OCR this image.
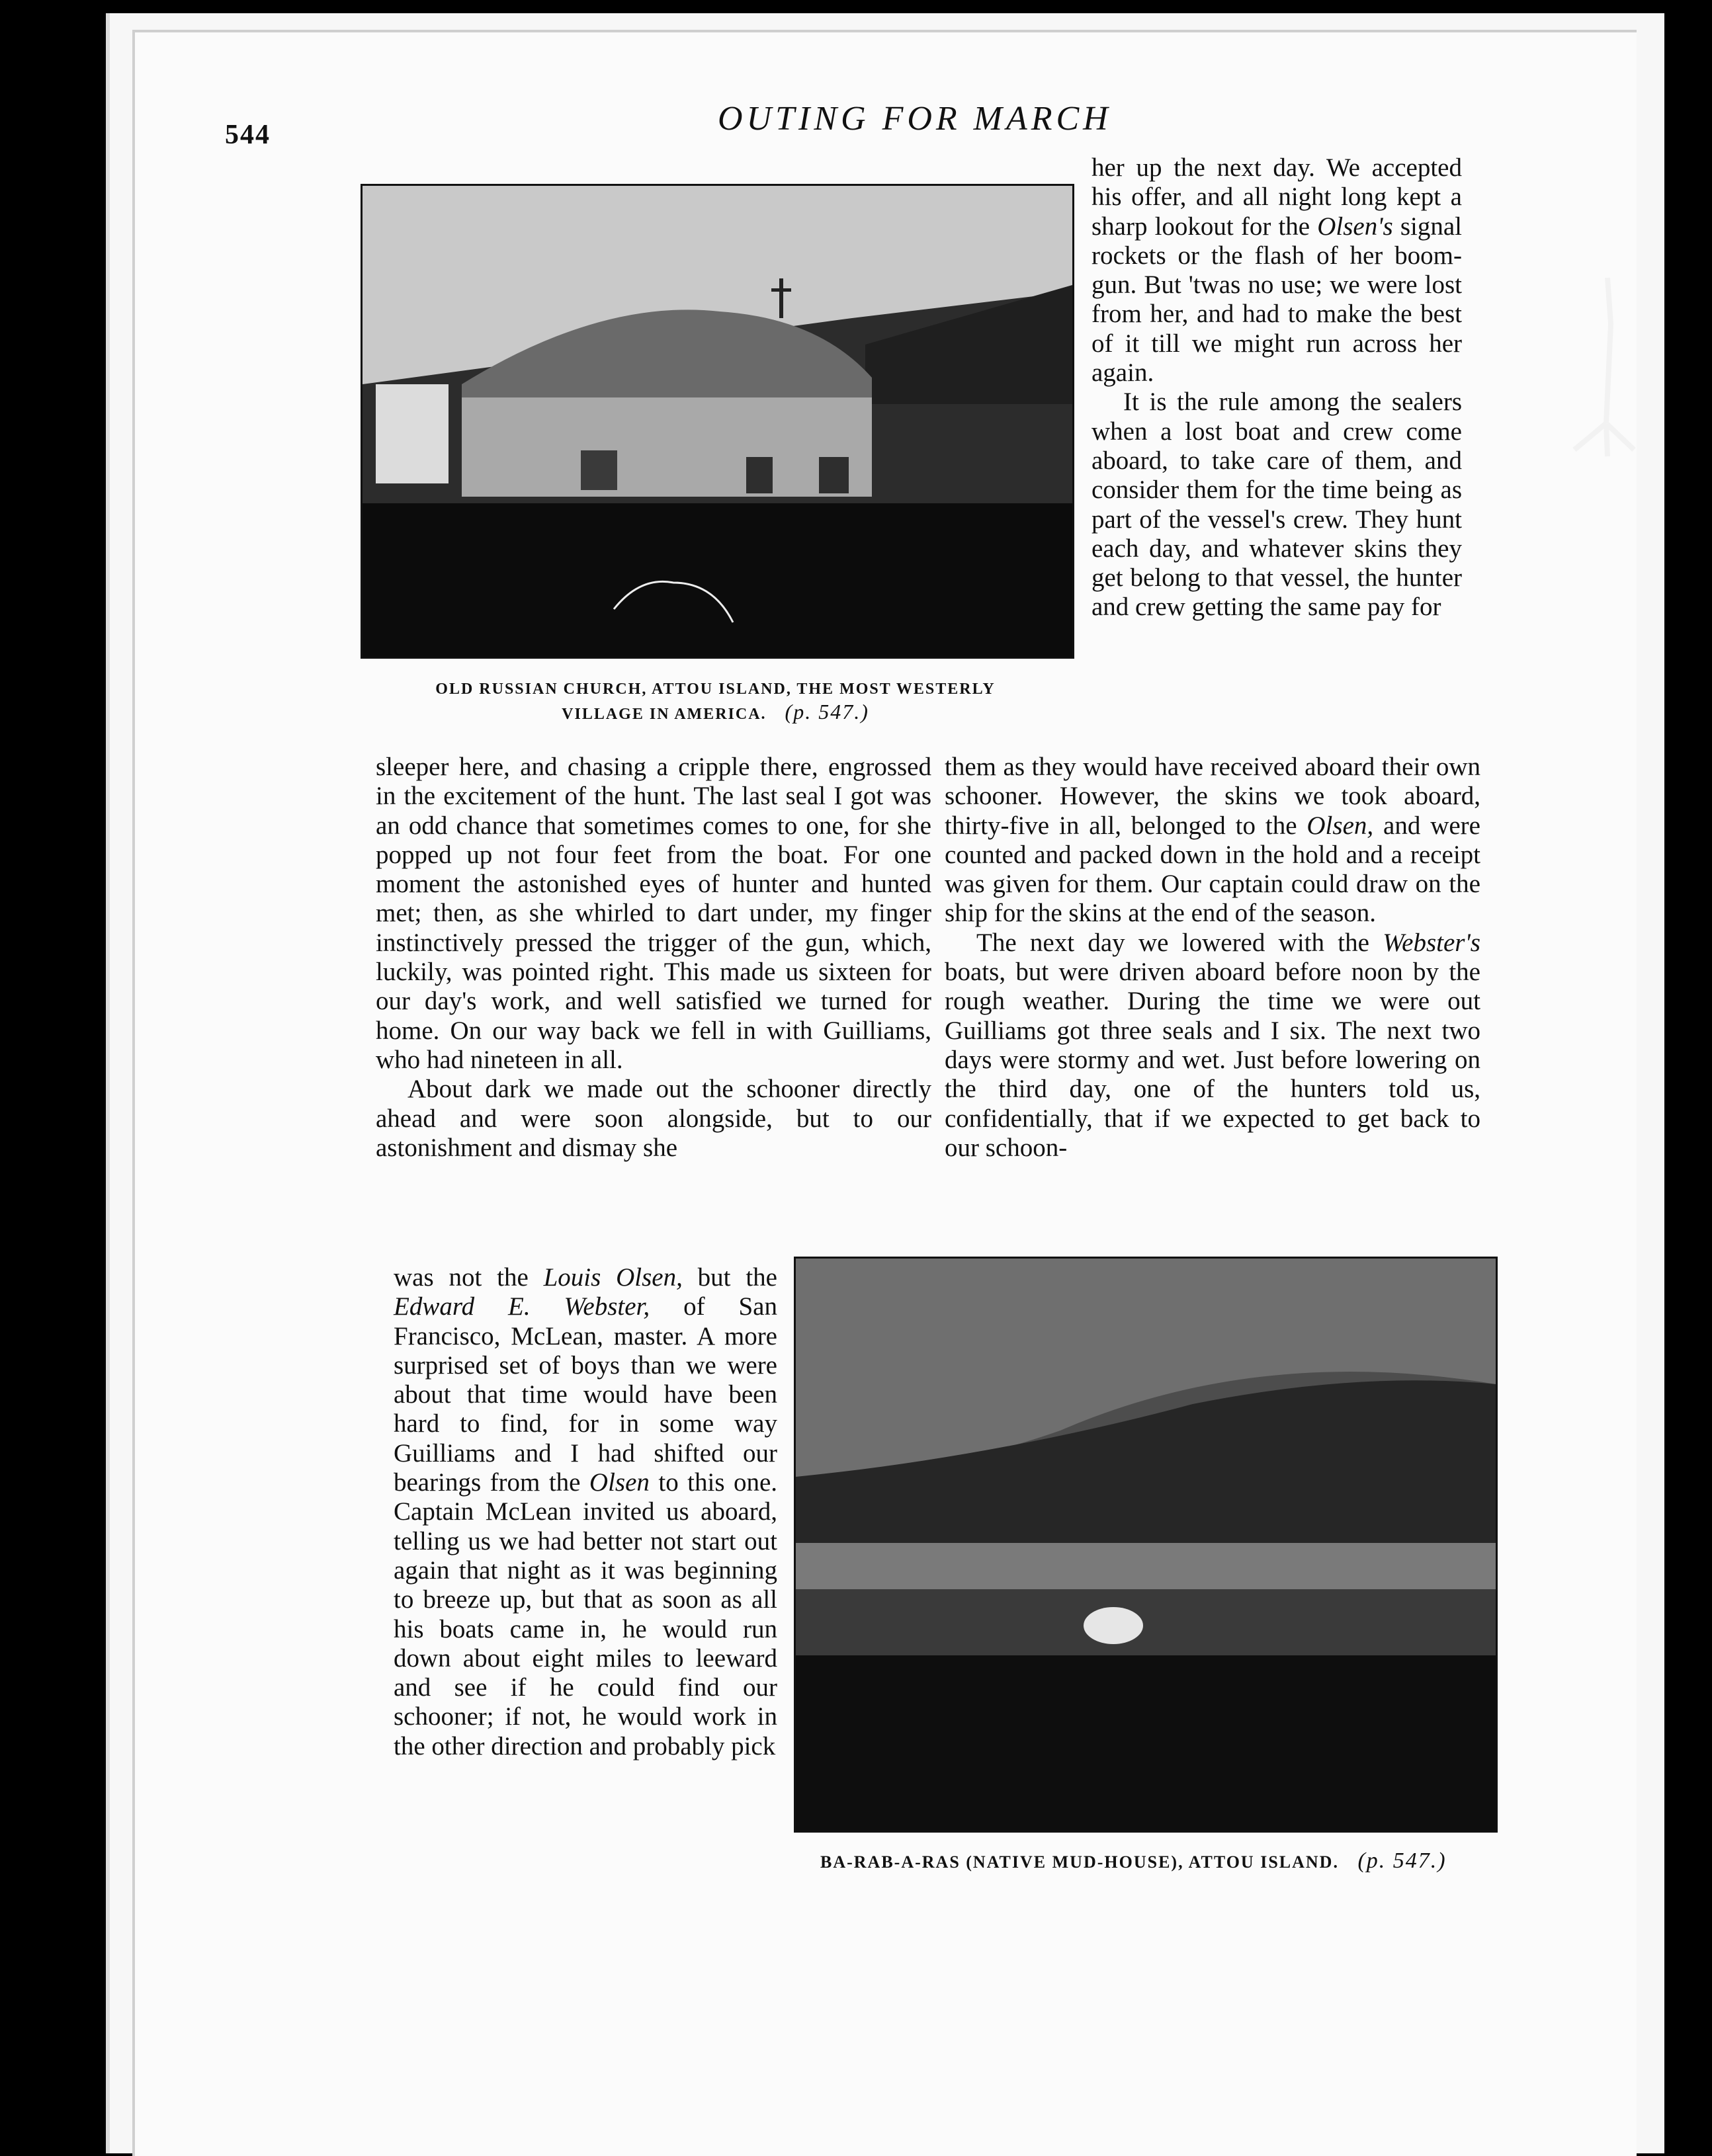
544	OUTING FOR MARCH
OLD RUSSIAN CHURCH, ATTOU ISLAND, THE MOST WESTERLY
VILLAGE IN AMERICA. (p. 547.)

her up the next day. We accepted his offer, and all night long kept a sharp lookout for the Olsen's signal rockets or the flash of her boom-gun. But 'twas no use; we were lost from her, and had to make the best of it till we might run across her again.

It is the rule among the sealers when a lost boat and crew come aboard, to take care of them, and consider them for the time being as part of the vessel's crew. They hunt each day, and whatever skins they get belong to that vessel, the hunter and crew getting the same pay for

sleeper here, and chasing a cripple there, engrossed in the excitement of the hunt. The last seal I got was an odd chance that sometimes comes to one, for she popped up not four feet from the boat. For one moment the astonished eyes of hunter and hunted met; then, as she whirled to dart under, my finger instinctively pressed the trigger of the gun, which, luckily, was pointed right. This made us sixteen for our day's work, and well satisfied we turned for home. On our way back we fell in with Guilliams, who had nineteen in all.

About dark we made out the schooner directly ahead and were soon alongside, but to our astonishment and dismay she

them as they would have received aboard their own schooner. However, the skins we took aboard, thirty-five in all, belonged to the Olsen, and were counted and packed down in the hold and a receipt was given for them. Our captain could draw on the ship for the skins at the end of the season.

The next day we lowered with the Webster's boats, but were driven aboard before noon by the rough weather. During the time we were out Guilliams got three seals and I six. The next two days were stormy and wet. Just before lowering on the third day, one of the hunters told us, confidentially, that if we expected to get back to our schoon-

was not the Louis Olsen, but the Edward E. Webster, of San Francisco, McLean, master. A more surprised set of boys than we were about that time would have been hard to find, for in some way Guilliams and I had shifted our bearings from the Olsen to this one. Captain McLean invited us aboard, telling us we had better not start out again that night as it was beginning to breeze up, but that as soon as all his boats came in, he would run down about eight miles to leeward and see if he could find our schooner; if not, he would work in the other direction and probably pick

BA-RAB-A-RAS (NATIVE MUD-HOUSE), ATTOU ISLAND. (p. 547.)
